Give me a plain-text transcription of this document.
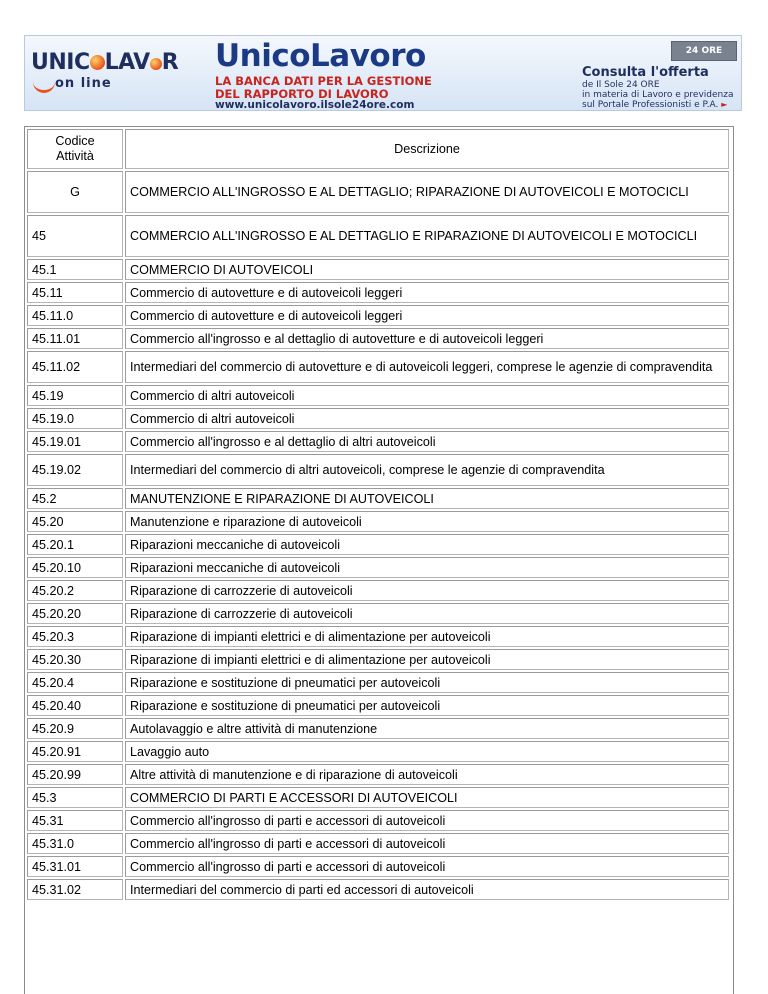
UNIC LAV R
on line
UnicoLavoro
LA BANCA DATI PER LA GESTIONE
DEL RAPPORTO DI LAVORO
www.unicolavoro.ilsole24ore.com
24 ORE
Consulta l'offerta
de Il Sole 24 ORE
in materia di Lavoro e previdenza
sul Portale Professionisti e P.A. ►
Codice
Attività	Descrizione
G	COMMERCIO ALL'INGROSSO E AL DETTAGLIO; RIPARAZIONE DI AUTOVEICOLI E MOTOCICLI
45	COMMERCIO ALL'INGROSSO E AL DETTAGLIO E RIPARAZIONE DI AUTOVEICOLI E MOTOCICLI
45.1	COMMERCIO DI AUTOVEICOLI
45.11	Commercio di autovetture e di autoveicoli leggeri
45.11.0	Commercio di autovetture e di autoveicoli leggeri
45.11.01	Commercio all'ingrosso e al dettaglio di autovetture e di autoveicoli leggeri
45.11.02	Intermediari del commercio di autovetture e di autoveicoli leggeri, comprese le agenzie di compravendita
45.19	Commercio di altri autoveicoli
45.19.0	Commercio di altri autoveicoli
45.19.01	Commercio all'ingrosso e al dettaglio di altri autoveicoli
45.19.02	Intermediari del commercio di altri autoveicoli, comprese le agenzie di compravendita
45.2	MANUTENZIONE E RIPARAZIONE DI AUTOVEICOLI
45.20	Manutenzione e riparazione di autoveicoli
45.20.1	Riparazioni meccaniche di autoveicoli
45.20.10	Riparazioni meccaniche di autoveicoli
45.20.2	Riparazione di carrozzerie di autoveicoli
45.20.20	Riparazione di carrozzerie di autoveicoli
45.20.3	Riparazione di impianti elettrici e di alimentazione per autoveicoli
45.20.30	Riparazione di impianti elettrici e di alimentazione per autoveicoli
45.20.4	Riparazione e sostituzione di pneumatici per autoveicoli
45.20.40	Riparazione e sostituzione di pneumatici per autoveicoli
45.20.9	Autolavaggio e altre attività di manutenzione
45.20.91	Lavaggio auto
45.20.99	Altre attività di manutenzione e di riparazione di autoveicoli
45.3	COMMERCIO DI PARTI E ACCESSORI DI AUTOVEICOLI
45.31	Commercio all'ingrosso di parti e accessori di autoveicoli
45.31.0	Commercio all'ingrosso di parti e accessori di autoveicoli
45.31.01	Commercio all'ingrosso di parti e accessori di autoveicoli
45.31.02	Intermediari del commercio di parti ed accessori di autoveicoli
